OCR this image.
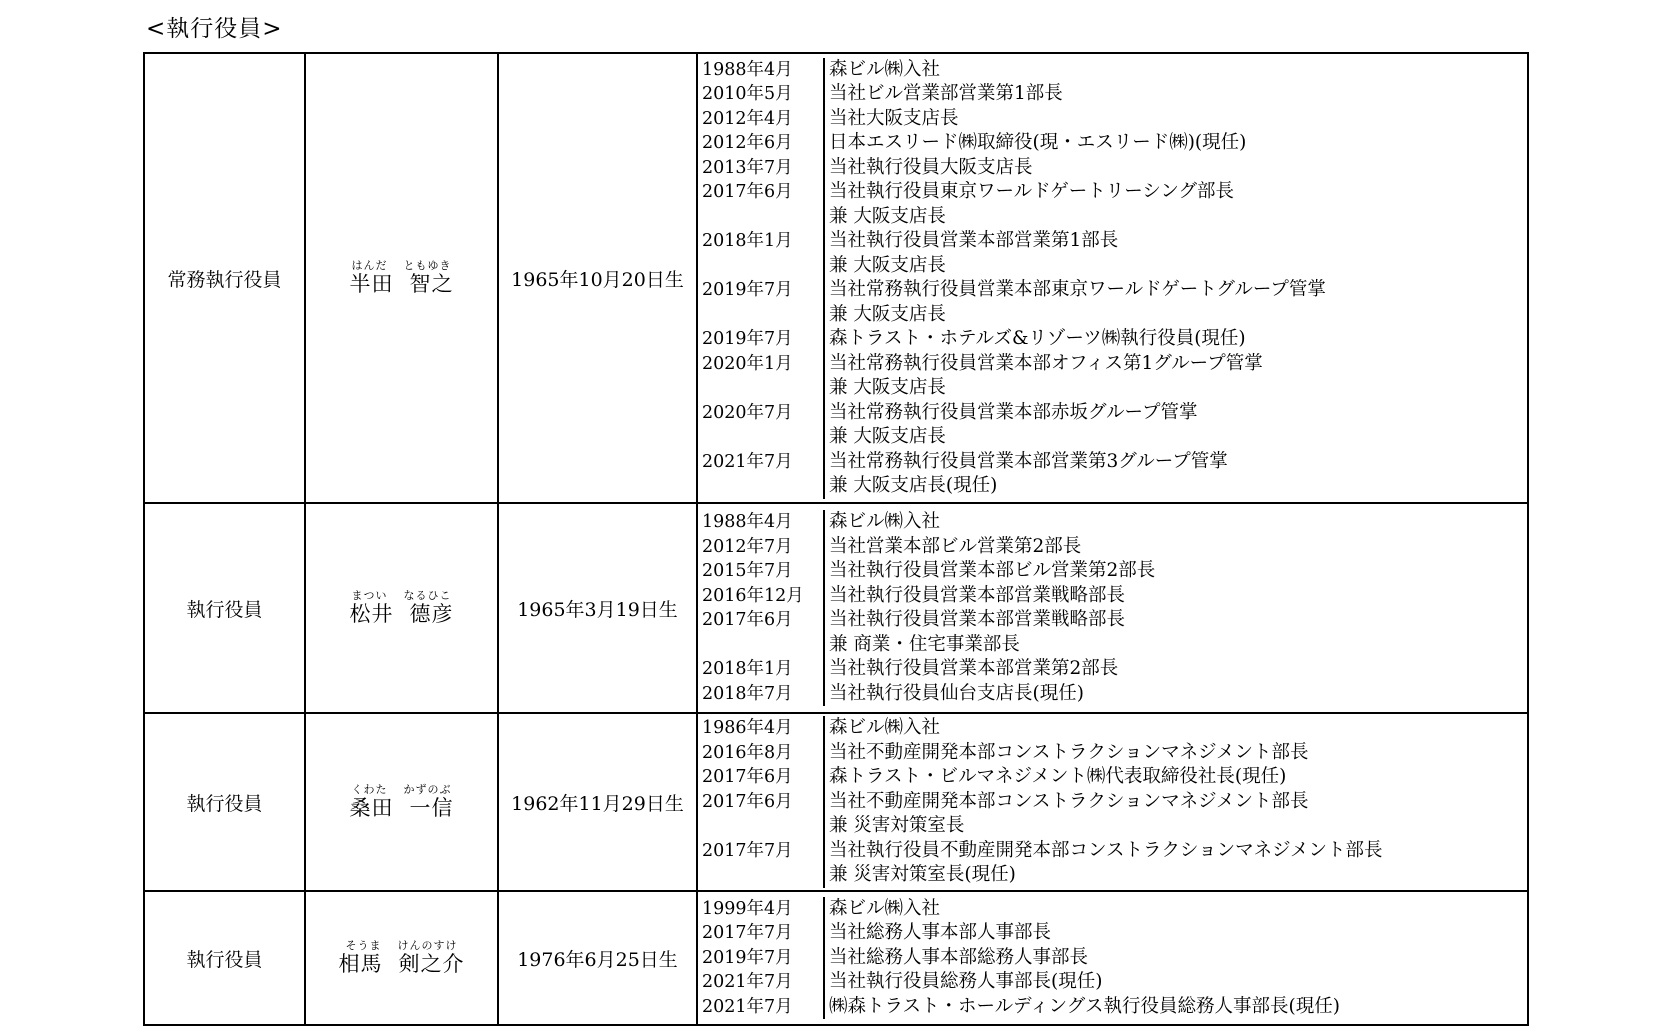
<執行役員>
常務執行役員	
はんだ ともゆき
半田 智之	1965年10月20日生	
1988年4月	森ビル㈱入社

2010年5月	当社ビル営業部営業第1部長

2012年4月	当社大阪支店長

2012年6月	日本エスリード㈱取締役(現・エスリード㈱)(現任)

2013年7月	当社執行役員大阪支店長

2017年6月	当社執行役員東京ワールドゲートリーシング部長
兼 大阪支店長

2018年1月	当社執行役員営業本部営業第1部長
兼 大阪支店長

2019年7月	当社常務執行役員営業本部東京ワールドゲートグループ管掌
兼 大阪支店長

2019年7月	森トラスト・ホテルズ&リゾーツ㈱執行役員(現任)

2020年1月	当社常務執行役員営業本部オフィス第1グループ管掌
兼 大阪支店長

2020年7月	当社常務執行役員営業本部赤坂グループ管掌
兼 大阪支店長

2021年7月	当社常務執行役員営業本部営業第3グループ管掌
兼 大阪支店長(現任)

執行役員	
まつい なるひこ
松井 德彦	1965年3月19日生	
1988年4月	森ビル㈱入社

2012年7月	当社営業本部ビル営業第2部長

2015年7月	当社執行役員営業本部ビル営業第2部長

2016年12月	当社執行役員営業本部営業戦略部長

2017年6月	当社執行役員営業本部営業戦略部長
兼 商業・住宅事業部長

2018年1月	当社執行役員営業本部営業第2部長

2018年7月	当社執行役員仙台支店長(現任)

執行役員	
くわた かずのぶ
桑田 一信	1962年11月29日生	
1986年4月	森ビル㈱入社

2016年8月	当社不動産開発本部コンストラクションマネジメント部長

2017年6月	森トラスト・ビルマネジメント㈱代表取締役社長(現任)

2017年6月	当社不動産開発本部コンストラクションマネジメント部長
兼 災害対策室長

2017年7月	当社執行役員不動産開発本部コンストラクションマネジメント部長
兼 災害対策室長(現任)

執行役員	
そうま けんのすけ
相馬 剣之介	1976年6月25日生	
1999年4月	森ビル㈱入社

2017年7月	当社総務人事本部人事部長

2019年7月	当社総務人事本部総務人事部長

2021年7月	当社執行役員総務人事部長(現任)

2021年7月	㈱森トラスト・ホールディングス執行役員総務人事部長(現任)
